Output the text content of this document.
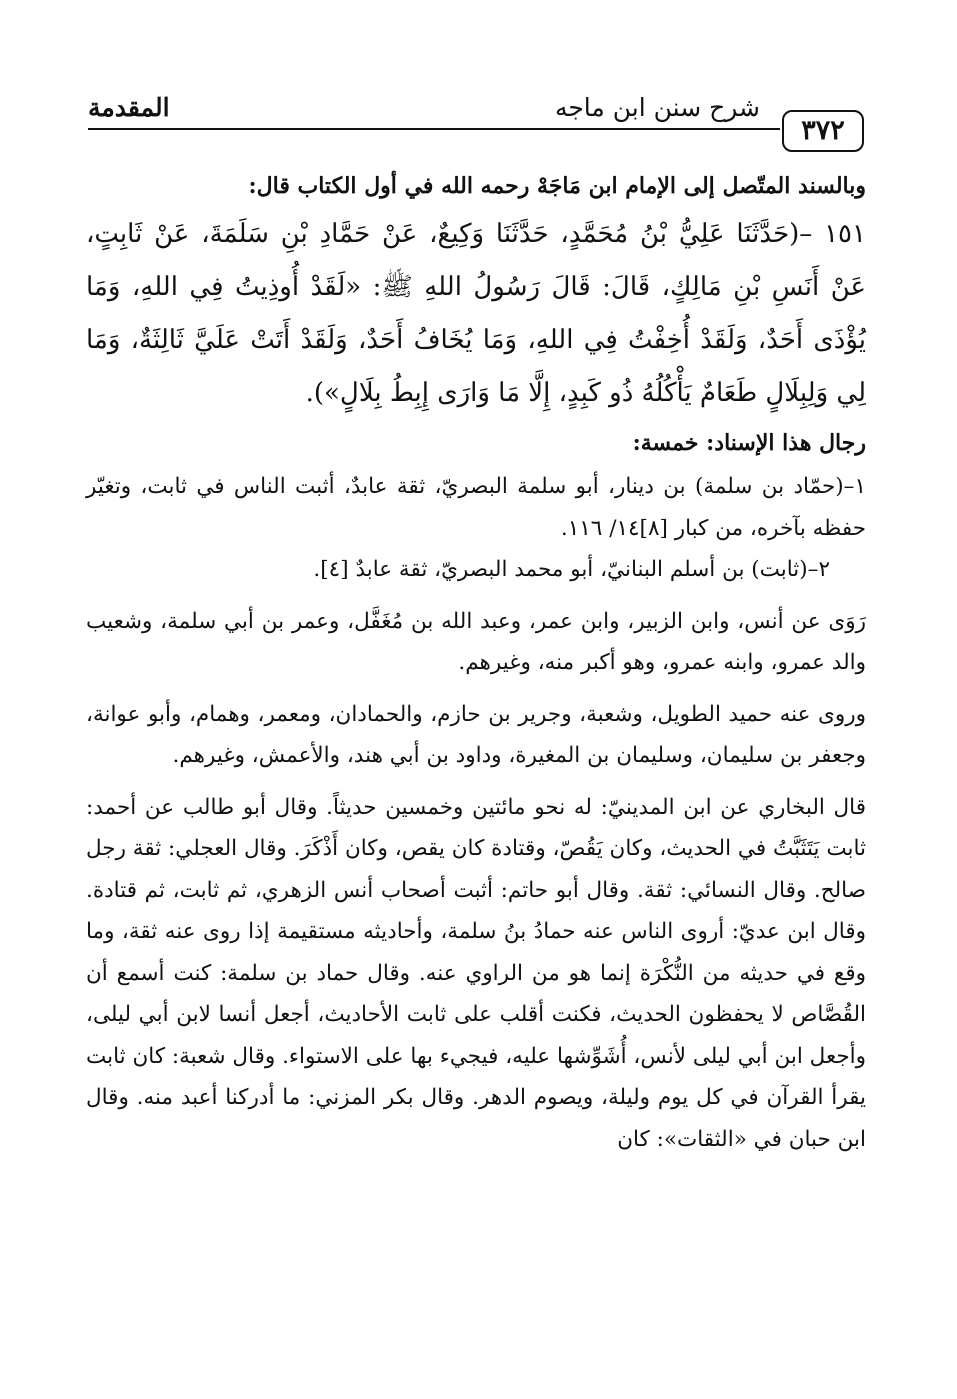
٣٧٢
شرح سنن ابن ماجه
المقدمة

وبالسند المتّصل إلى الإمام ابن مَاجَهْ رحمه الله في أول الكتاب قال:

١٥١ –(حَدَّثَنَا عَلِيُّ بْنُ مُحَمَّدٍ، حَدَّثَنَا وَكِيعٌ، عَنْ حَمَّادِ بْنِ سَلَمَةَ، عَنْ ثَابِتٍ، عَنْ أَنَسِ بْنِ مَالِكٍ، قَالَ: قَالَ رَسُولُ اللهِ ﷺ: «لَقَدْ أُوذِيتُ فِي اللهِ، وَمَا يُؤْذَى أَحَدٌ، وَلَقَدْ أُخِفْتُ فِي اللهِ، وَمَا يُخَافُ أَحَدٌ، وَلَقَدْ أَتَتْ عَلَيَّ ثَالِثَةٌ، وَمَا لِي وَلِبِلَالٍ طَعَامٌ يَأْكُلُهُ ذُو كَبِدٍ، إِلَّا مَا وَارَى إِبِطُ بِلَالٍ»).

رجال هذا الإسناد: خمسة:

١–(حمّاد بن سلمة) بن دينار، أبو سلمة البصريّ، ثقة عابدٌ، أثبت الناس في ثابت، وتغيّر حفظه بآخره، من كبار [٨]١٤/ ١١٦.

٢–(ثابت) بن أسلم البنانيّ، أبو محمد البصريّ، ثقة عابدٌ [٤].

رَوَى عن أنس، وابن الزبير، وابن عمر، وعبد الله بن مُغَفَّل، وعمر بن أبي سلمة، وشعيب والد عمرو، وابنه عمرو، وهو أكبر منه، وغيرهم.

وروى عنه حميد الطويل، وشعبة، وجرير بن حازم، والحمادان، ومعمر، وهمام، وأبو عوانة، وجعفر بن سليمان، وسليمان بن المغيرة، وداود بن أبي هند، والأعمش، وغيرهم.

قال البخاري عن ابن المدينيّ: له نحو مائتين وخمسين حديثاً. وقال أبو طالب عن أحمد: ثابت يَتَثَبَّتُ في الحديث، وكان يَقُصّ، وقتادة كان يقص، وكان أَذْكَرَ. وقال العجلي: ثقة رجل صالح. وقال النسائي: ثقة. وقال أبو حاتم: أثبت أصحاب أنس الزهري، ثم ثابت، ثم قتادة. وقال ابن عديّ: أروى الناس عنه حمادُ بنُ سلمة، وأحاديثه مستقيمة إذا روى عنه ثقة، وما وقع في حديثه من النُّكْرَة إنما هو من الراوي عنه. وقال حماد بن سلمة: كنت أسمع أن القُصَّاص لا يحفظون الحديث، فكنت أقلب على ثابت الأحاديث، أجعل أنسا لابن أبي ليلى، وأجعل ابن أبي ليلى لأنس، أُشَوِّشها عليه، فيجيء بها على الاستواء. وقال شعبة: كان ثابت يقرأ القرآن في كل يوم وليلة، ويصوم الدهر. وقال بكر المزني: ما أدركنا أعبد منه. وقال ابن حبان في «الثقات»: كان
